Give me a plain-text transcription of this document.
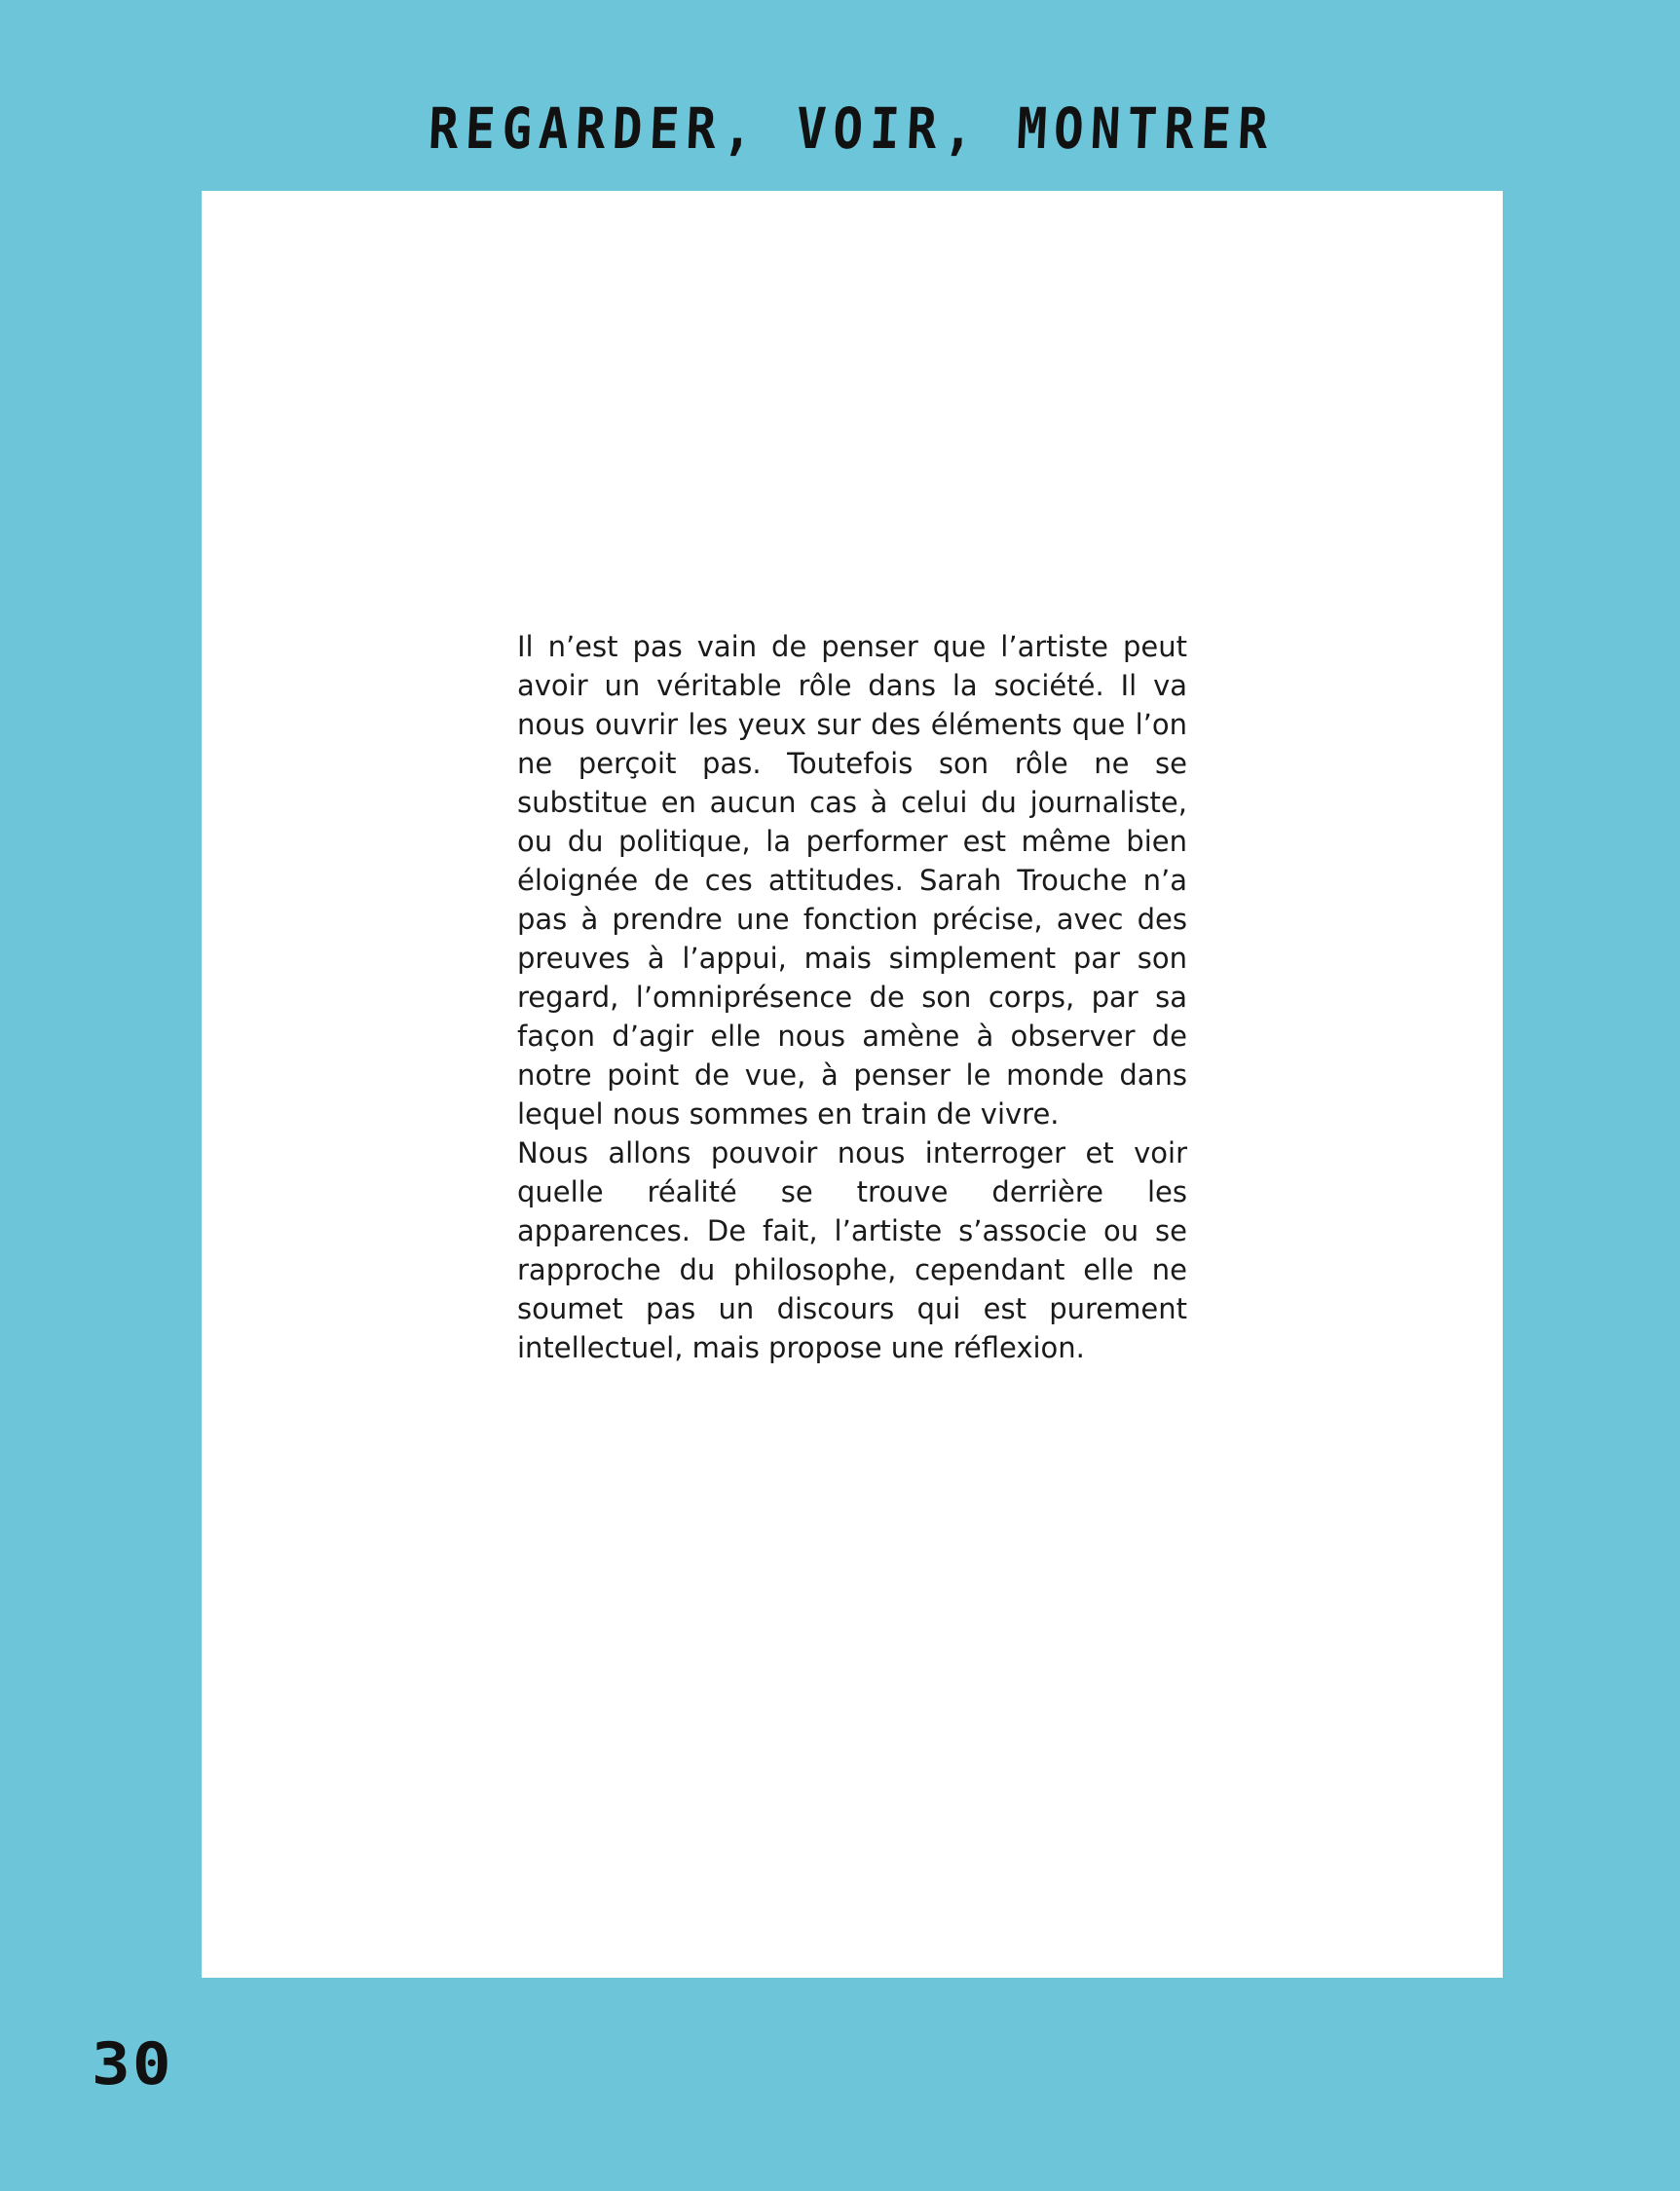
REGARDER, VOIR, MONTRER

Il n’est pas vain de penser que l’artiste peut avoir un véritable rôle dans la société. Il va nous ouvrir les yeux sur des éléments que l’on ne perçoit pas. Toutefois son rôle ne se substitue en aucun cas à celui du journaliste, ou du politique, la performer est même bien éloignée de ces attitudes. Sarah Trouche n’a pas à prendre une fonction précise, avec des preuves à l’appui, mais simplement par son regard, l’omniprésence de son corps, par sa façon d’agir elle nous amène à observer de notre point de vue, à penser le monde dans lequel nous sommes en train de vivre.

Nous allons pouvoir nous interroger et voir quelle réalité se trouve derrière les apparences. De fait, l’artiste s’associe ou se rapproche du philosophe, cependant elle ne soumet pas un discours qui est purement intellectuel, mais propose une réflexion.

30
